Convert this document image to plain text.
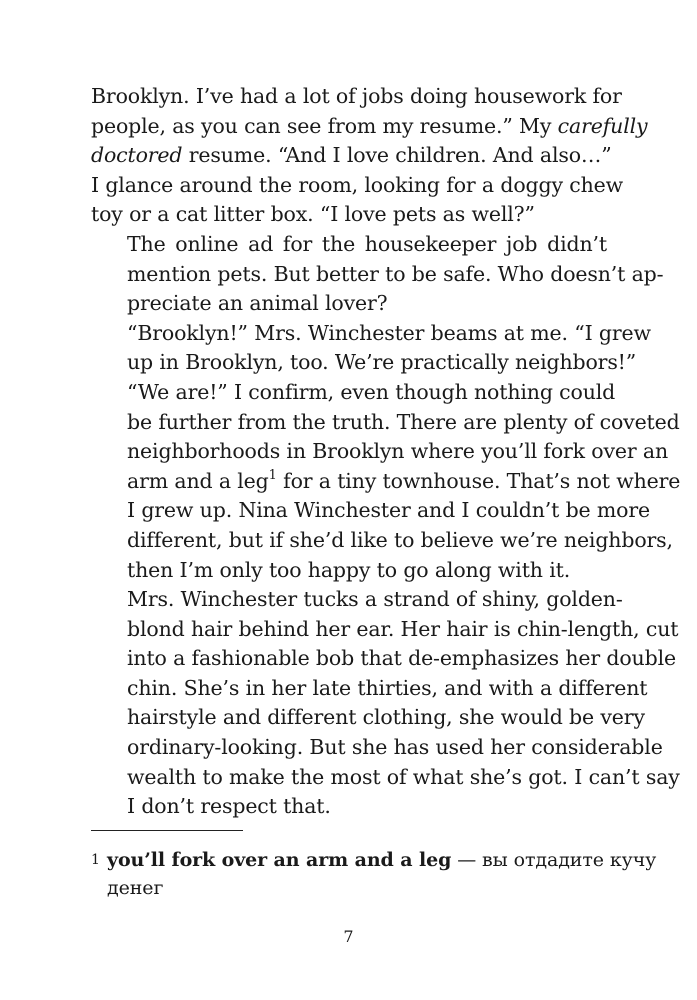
Brooklyn. I’ve had a lot of jobs doing housework for
people, as you can see from my resume.” My carefully
doctored resume. “And I love children. And also…”
I glance around the room, looking for a doggy chew
toy or a cat litter box. “I love pets as well?”

The online ad for the housekeeper job didn’t
mention pets. But better to be safe. Who doesn’t ap-
preciate an animal lover?

“Brooklyn!” Mrs. Winchester beams at me. “I grew
up in Brooklyn, too. We’re practically neighbors!”

“We are!” I confirm, even though nothing could
be further from the truth. There are plenty of coveted
neighborhoods in Brooklyn where you’ll fork over an
arm and a leg$^1$ for a tiny townhouse. That’s not where
I grew up. Nina Winchester and I couldn’t be more
different, but if she’d like to believe we’re neighbors,
then I’m only too happy to go along with it.

Mrs. Winchester tucks a strand of shiny, golden-
blond hair behind her ear. Her hair is chin-length, cut
into a fashionable bob that de-emphasizes her double
chin. She’s in her late thirties, and with a different
hairstyle and different clothing, she would be very
ordinary-looking. But she has used her considerable
wealth to make the most of what she’s got. I can’t say
I don’t respect that.

1 you’ll fork over an arm and a leg — вы отдадите кучу
денег
7
